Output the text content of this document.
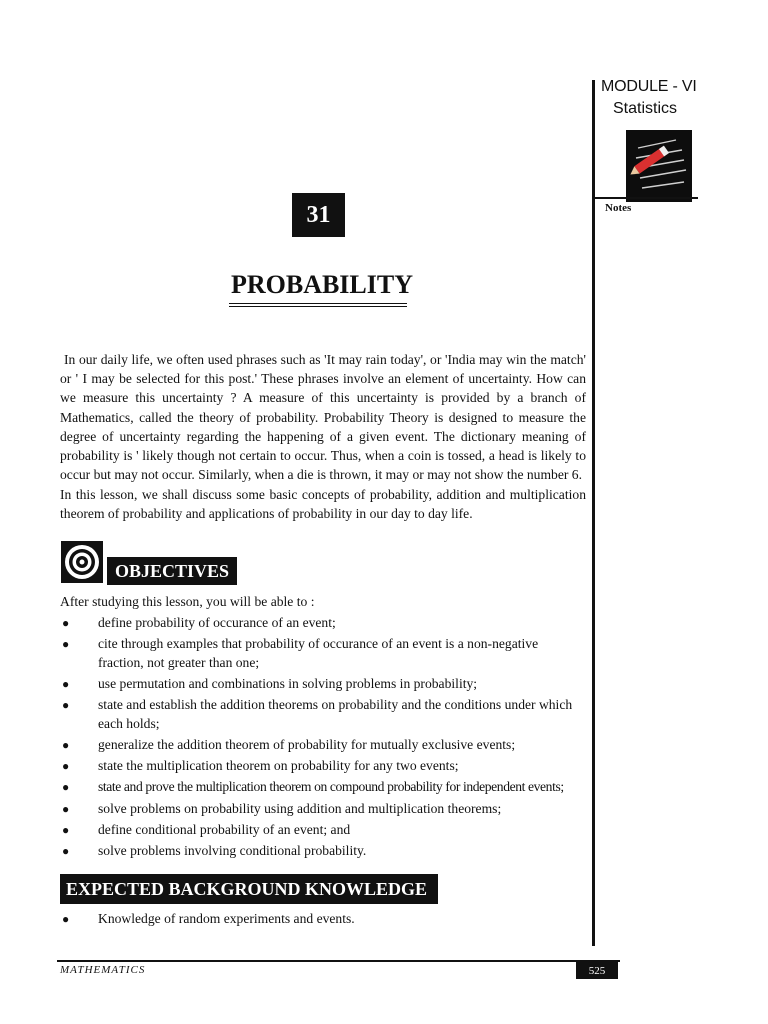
MODULE - VI
Statistics
Notes
31
PROBABILITY
In our daily life, we often used phrases such as 'It may rain today', or 'India may win the match' or ' I may be selected for this post.' These phrases involve an element of uncertainty. How can we measure this uncertainty ? A measure of this uncertainty is provided by a branch of Mathematics, called the theory of probability. Probability Theory is designed to measure the degree of uncertainty regarding the happening of a given event. The dictionary meaning of probability is ' likely though not certain to occur. Thus, when a coin is tossed, a head is likely to occur but may not occur. Similarly, when a die is thrown, it may or may not show the number 6.
In this lesson, we shall discuss some basic concepts of probability, addition and multiplication theorem of probability and applications of probability in our day to day life.
OBJECTIVES
After studying this lesson, you will be able to :
● define probability of occurance of an event;
● cite through examples that probability of occurance of an event is a non-negative fraction, not greater than one;
● use permutation and combinations in solving problems in probability;
● state and establish the addition theorems on probability and the conditions under which each holds;
● generalize the addition theorem of probability for mutually exclusive events;
● state the multiplication theorem on probability for any two events;
● state and prove the multiplication theorem on compound probability for independent events;
● solve problems on probability using addition and multiplication theorems;
● define conditional probability of an event; and
● solve problems involving conditional probability.
EXPECTED BACKGROUND KNOWLEDGE
● Knowledge of random experiments and events.
MATHEMATICS	525
